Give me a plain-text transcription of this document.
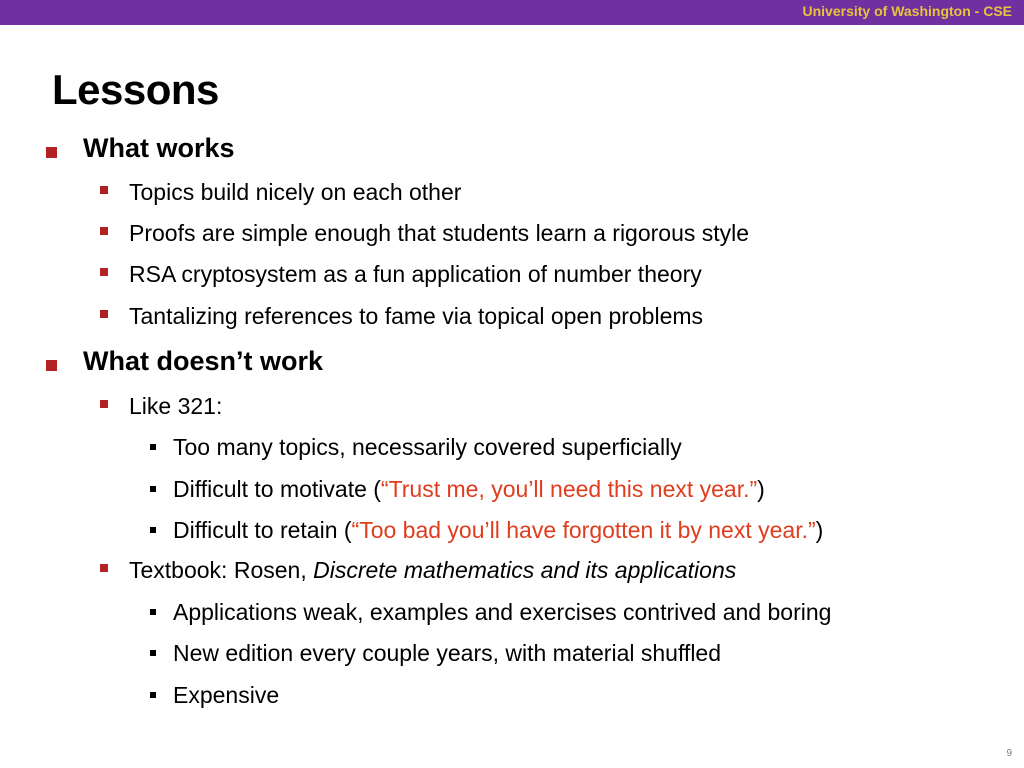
University of Washington - CSE
Lessons
What works
Topics build nicely on each other
Proofs are simple enough that students learn a rigorous style
RSA cryptosystem as a fun application of number theory
Tantalizing references to fame via topical open problems
What doesn’t work
Like 321:
Too many topics, necessarily covered superficially
Difficult to motivate (“Trust me, you’ll need this next year.”)
Difficult to retain (“Too bad you’ll have forgotten it by next year.”)
Textbook: Rosen, Discrete mathematics and its applications
Applications weak, examples and exercises contrived and boring
New edition every couple years, with material shuffled
Expensive
9
